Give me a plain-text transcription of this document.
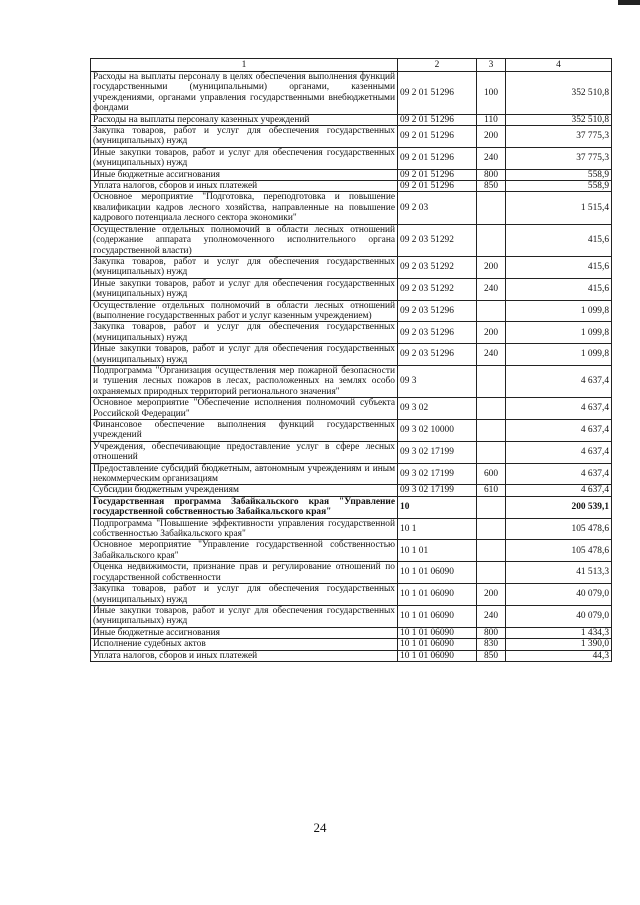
1	2	3	4
Расходы на выплаты персоналу в целях обеспечения выполнения функций государственными (муниципальными) органами, казенными учреждениями, органами управления государственными внебюджетными фондами	09 2 01 51296	100	352 510,8
Расходы на выплаты персоналу казенных учреждений	09 2 01 51296	110	352 510,8
Закупка товаров, работ и услуг для обеспечения государственных (муниципальных) нужд	09 2 01 51296	200	37 775,3
Иные закупки товаров, работ и услуг для обеспечения государственных (муниципальных) нужд	09 2 01 51296	240	37 775,3
Иные бюджетные ассигнования	09 2 01 51296	800	558,9
Уплата налогов, сборов и иных платежей	09 2 01 51296	850	558,9
Основное мероприятие "Подготовка, переподготовка и повышение квалификации кадров лесного хозяйства, направленные на повышение кадрового потенциала лесного сектора экономики"	09 2 03		1 515,4
Осуществление отдельных полномочий в области лесных отношений (содержание аппарата уполномоченного исполнительного органа государственной власти)	09 2 03 51292		415,6
Закупка товаров, работ и услуг для обеспечения государственных (муниципальных) нужд	09 2 03 51292	200	415,6
Иные закупки товаров, работ и услуг для обеспечения государственных (муниципальных) нужд	09 2 03 51292	240	415,6
Осуществление отдельных полномочий в области лесных отношений (выполнение государственных работ и услуг казенным учреждением)	09 2 03 51296		1 099,8
Закупка товаров, работ и услуг для обеспечения государственных (муниципальных) нужд	09 2 03 51296	200	1 099,8
Иные закупки товаров, работ и услуг для обеспечения государственных (муниципальных) нужд	09 2 03 51296	240	1 099,8
Подпрограмма "Организация осуществления мер пожарной безопасности и тушения лесных пожаров в лесах, расположенных на землях особо охраняемых природных территорий регионального значения"	09 3		4 637,4
Основное мероприятие "Обеспечение исполнения полномочий субъекта Российской Федерации"	09 3 02		4 637,4
Финансовое обеспечение выполнения функций государственных учреждений	09 3 02 10000		4 637,4
Учреждения, обеспечивающие предоставление услуг в сфере лесных отношений	09 3 02 17199		4 637,4
Предоставление субсидий бюджетным, автономным учреждениям и иным некоммерческим организациям	09 3 02 17199	600	4 637,4
Субсидии бюджетным учреждениям	09 3 02 17199	610	4 637,4
Государственная программа Забайкальского края "Управление государственной собственностью Забайкальского края"	10		200 539,1
Подпрограмма "Повышение эффективности управления государственной собственностью Забайкальского края"	10 1		105 478,6
Основное мероприятие "Управление государственной собственностью Забайкальского края"	10 1 01		105 478,6
Оценка недвижимости, признание прав и регулирование отношений по государственной собственности	10 1 01 06090		41 513,3
Закупка товаров, работ и услуг для обеспечения государственных (муниципальных) нужд	10 1 01 06090	200	40 079,0
Иные закупки товаров, работ и услуг для обеспечения государственных (муниципальных) нужд	10 1 01 06090	240	40 079,0
Иные бюджетные ассигнования	10 1 01 06090	800	1 434,3
Исполнение судебных актов	10 1 01 06090	830	1 390,0
Уплата налогов, сборов и иных платежей	10 1 01 06090	850	44,3
24
